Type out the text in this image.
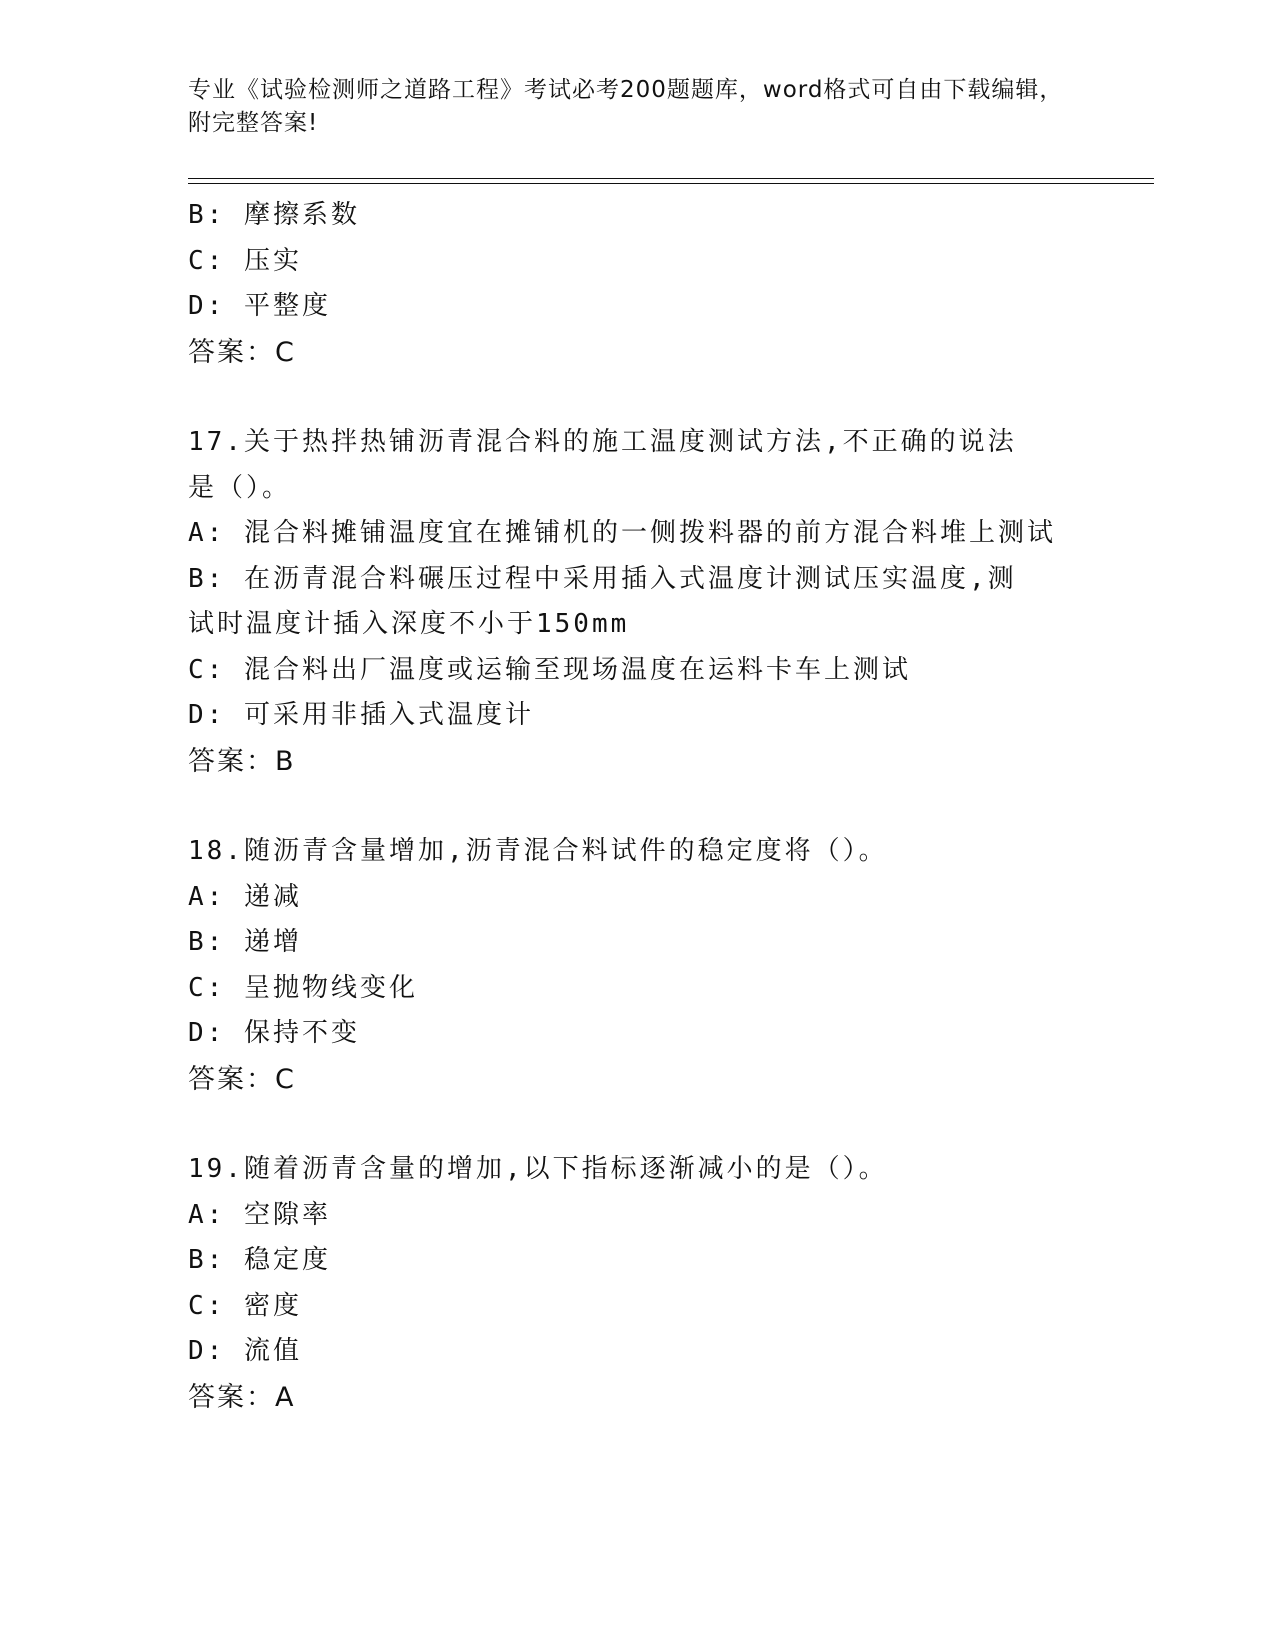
专业《试验检测师之道路工程》考试必考200题题库，word格式可自由下载编辑，附完整答案!
B: 摩擦系数
C: 压实
D: 平整度
答案：C
17.关于热拌热铺沥青混合料的施工温度测试方法,不正确的说法是（）。
A: 混合料摊铺温度宜在摊铺机的一侧拨料器的前方混合料堆上测试
B: 在沥青混合料碾压过程中采用插入式温度计测试压实温度,测试时温度计插入深度不小于150mm
C: 混合料出厂温度或运输至现场温度在运料卡车上测试
D: 可采用非插入式温度计
答案：B
18.随沥青含量增加,沥青混合料试件的稳定度将（）。
A: 递减
B: 递增
C: 呈抛物线变化
D: 保持不变
答案：C
19.随着沥青含量的增加,以下指标逐渐减小的是（）。
A: 空隙率
B: 稳定度
C: 密度
D: 流值
答案：A
